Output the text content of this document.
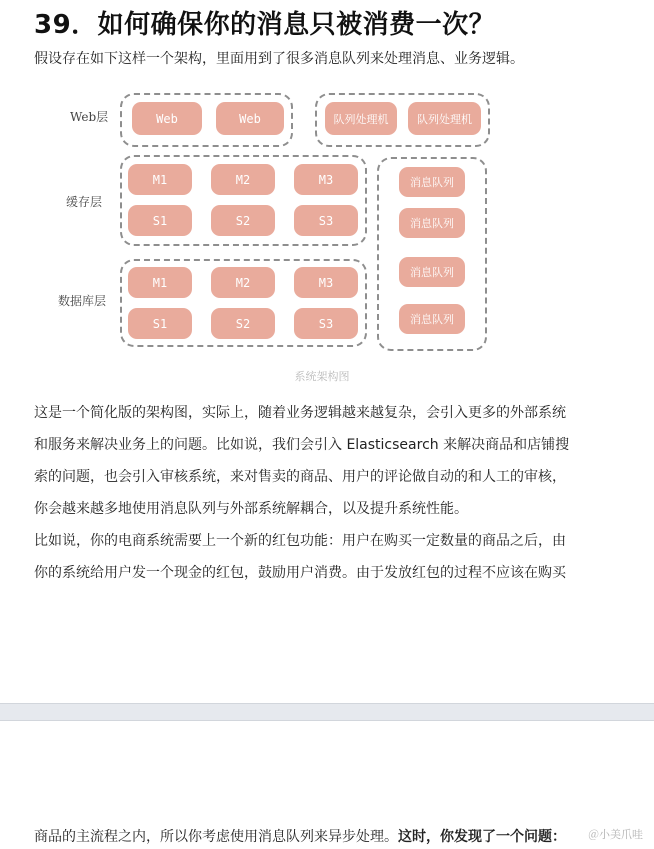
39．如何确保你的消息只被消费一次？

假设存在如下这样一个架构，里面用到了很多消息队列来处理消息、业务逻辑。

Web层
缓存层
数据库层
Web	Web	队列处理机	队列处理机
M1	M2	M3
S1	S2	S3
M1	M2	M3
S1	S2	S3
消息队列
消息队列
消息队列
消息队列
系统架构图

这是一个简化版的架构图，实际上，随着业务逻辑越来越复杂，会引入更多的外部系统

和服务来解决业务上的问题。比如说，我们会引入 Elasticsearch 来解决商品和店铺搜

索的问题，也会引入审核系统，来对售卖的商品、用户的评论做自动的和人工的审核，

你会越来越多地使用消息队列与外部系统解耦合，以及提升系统性能。

比如说，你的电商系统需要上一个新的红包功能：用户在购买一定数量的商品之后，由

你的系统给用户发一个现金的红包，鼓励用户消费。由于发放红包的过程不应该在购买

商品的主流程之内，所以你考虑使用消息队列来异步处理。这时，你发现了一个问题： ＠小美爪哇
